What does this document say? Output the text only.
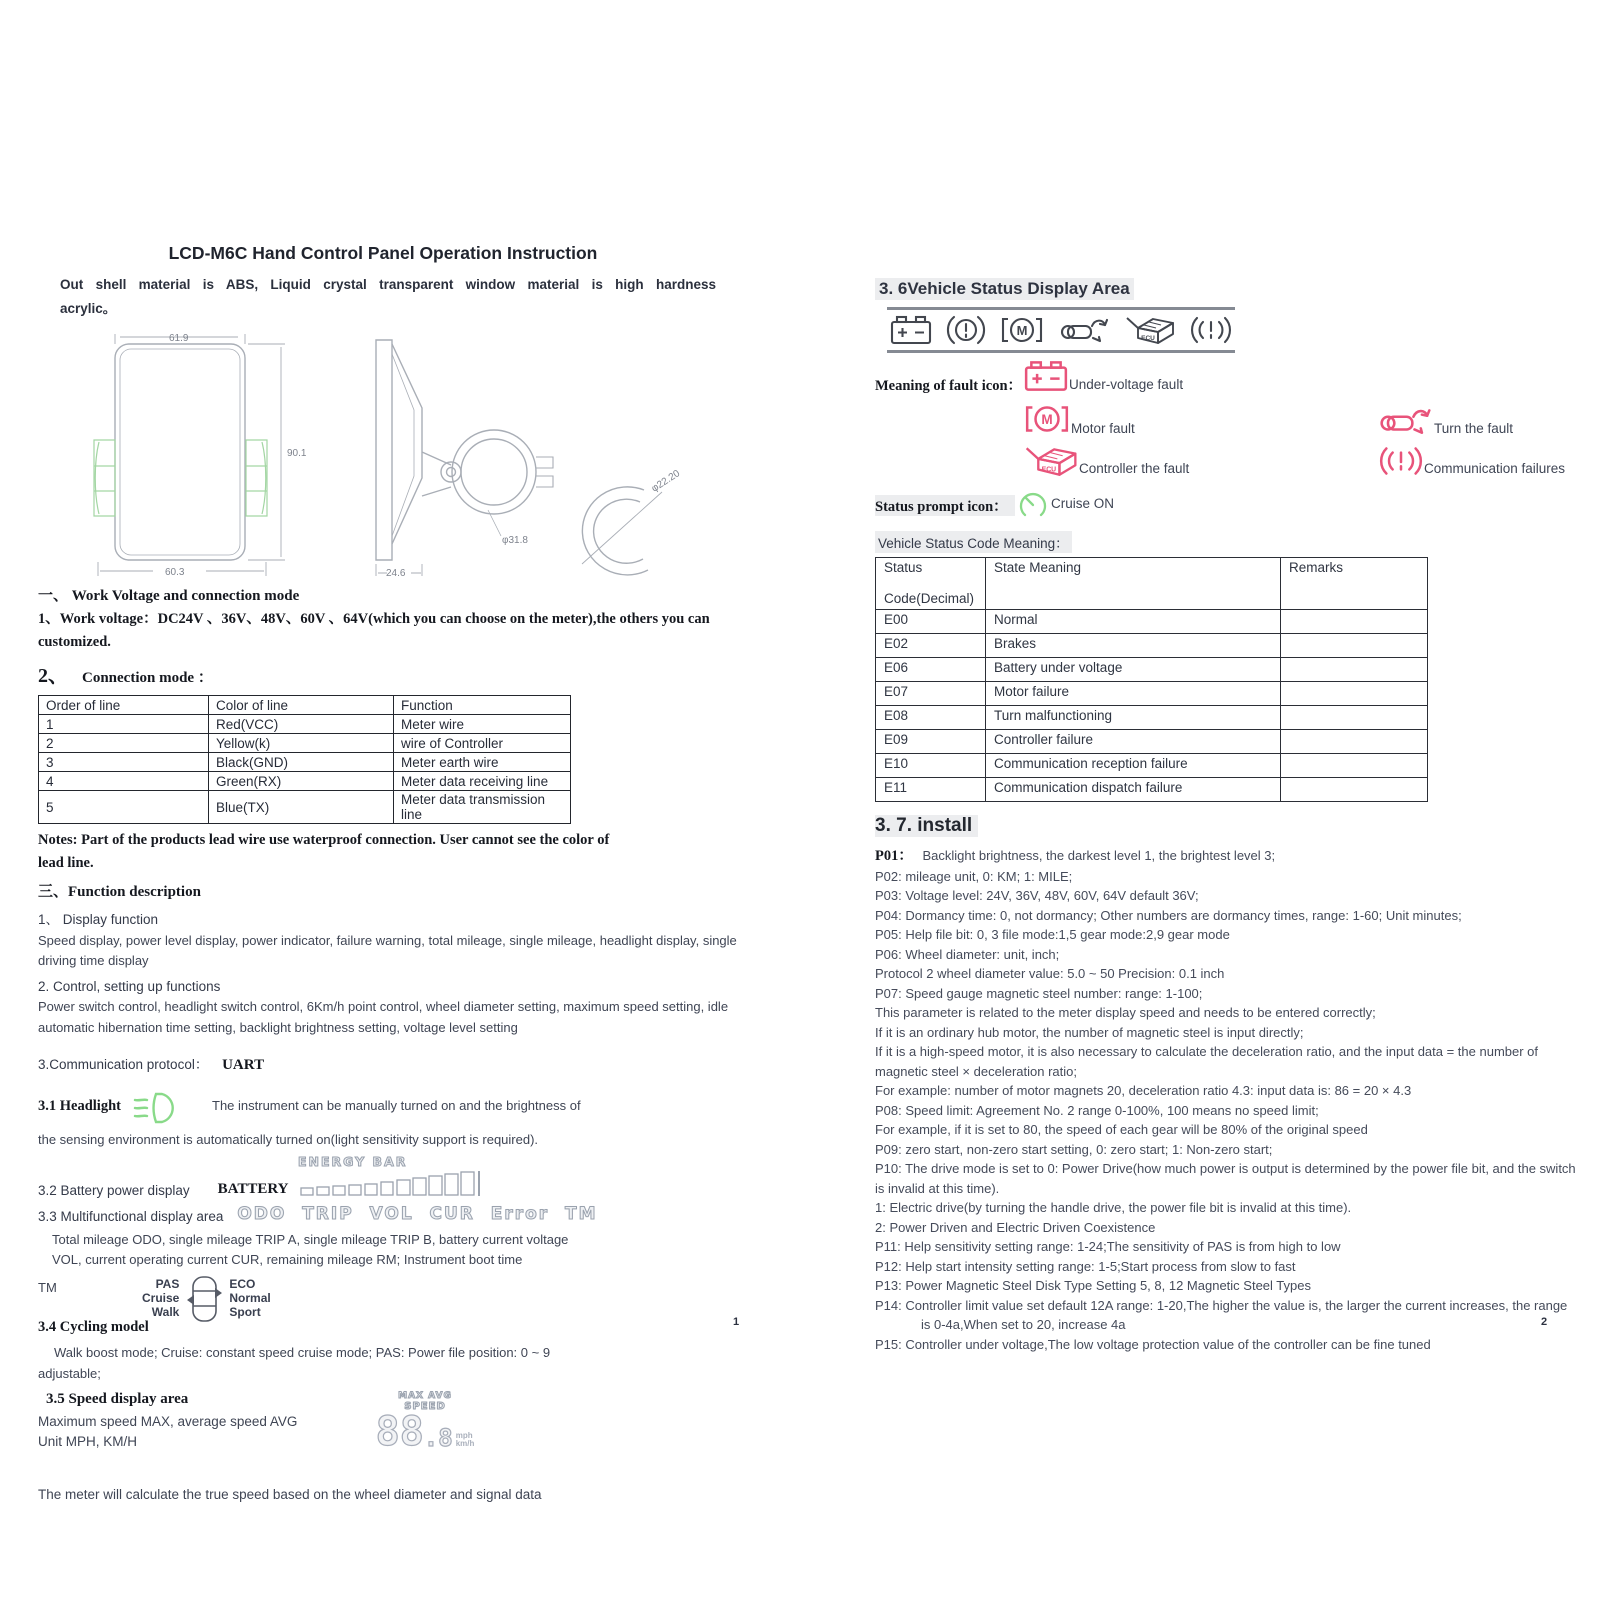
LCD-M6C Hand Control Panel Operation Instruction

Out shell material is ABS, Liquid crystal transparent window material is high hardness acrylic。

61.9
90.1
60.3	24.6
φ31.8
φ22.20
一、 Work Voltage and connection mode

1、Work voltage：DC24V 、36V、48V、60V 、64V(which you can choose on the meter),the others you can customized.

2、 Connection mode ：
Order of line	Color of line	Function
1	Red(VCC)	Meter wire
2	Yellow(k)	wire of Controller
3	Black(GND)	Meter earth wire
4	Green(RX)	Meter data receiving line
5	Blue(TX)	Meter data transmission line

Notes: Part of the products lead wire use waterproof connection. User cannot see the color of lead line.

三、Function description

1、 Display function

Speed display, power level display, power indicator, failure warning, total mileage, single mileage, headlight display, single driving time display

2. Control, setting up functions

Power switch control, headlight switch control, 6Km/h point control, wheel diameter setting, maximum speed setting, idle automatic hibernation time setting, backlight brightness setting, voltage level setting

3.Communication protocol： UART

3.1 Headlight	The instrument can be manually turned on and the brightness of the sensing environment is automatically turned on(light sensitivity support is required).

ENERGY BAR
3.2 Battery power display BATTERY
3.3 Multifunctional display area ODO  TRIP  VOL  CUR  Error  TM

Total mileage ODO, single mileage TRIP A, single mileage TRIP B, battery current voltage VOL, current operating current CUR, remaining mileage RM; Instrument boot time

TM
3.4 Cycling model
PAS
Cruise
Walk
ECO
Normal
Sport

Walk boost mode; Cruise: constant speed cruise mode; PAS: Power file position: 0 ~ 9 adjustable;

3.5 Speed display area
Maximum speed MAX, average speed AVG
Unit MPH, KM/H
MAX AVG
SPEED
88 . 8 mph
km/h

The meter will calculate the true speed based on the wheel diameter and signal data

1
3. 6Vehicle Status Display Area
M
ECU
Meaning of fault icon：	Under-voltage fault
M
Motor fault	Turn the fault
ECU Controller the fault	Communication failures
Status prompt icon：	Cruise ON
Vehicle Status Code Meaning：
Status
Code(Decimal)	State Meaning	Remarks
E00	Normal	
E02	Brakes	
E06	Battery under voltage	
E07	Motor failure	
E08	Turn malfunctioning	
E09	Controller failure	
E10	Communication reception failure	
E11	Communication dispatch failure	
3. 7. install
P01： Backlight brightness, the darkest level 1, the brightest level 3;
P02: mileage unit, 0: KM; 1: MILE;
P03: Voltage level: 24V, 36V, 48V, 60V, 64V default 36V;
P04: Dormancy time: 0, not dormancy; Other numbers are dormancy times, range: 1-60; Unit minutes;
P05: Help file bit: 0, 3 file mode:1,5 gear mode:2,9 gear mode
P06: Wheel diameter: unit, inch;
Protocol 2 wheel diameter value: 5.0 ~ 50 Precision: 0.1 inch
P07: Speed gauge magnetic steel number: range: 1-100;
This parameter is related to the meter display speed and needs to be entered correctly;
If it is an ordinary hub motor, the number of magnetic steel is input directly;
If it is a high-speed motor, it is also necessary to calculate the deceleration ratio, and the input data = the number of magnetic steel × deceleration ratio;
For example: number of motor magnets 20, deceleration ratio 4.3: input data is: 86 = 20 × 4.3
P08: Speed limit: Agreement No. 2 range 0-100%, 100 means no speed limit;
For example, if it is set to 80, the speed of each gear will be 80% of the original speed
P09: zero start, non-zero start setting, 0: zero start; 1: Non-zero start;
P10: The drive mode is set to 0: Power Drive(how much power is output is determined by the power file bit, and the switch is invalid at this time).
1: Electric drive(by turning the handle drive, the power file bit is invalid at this time).
2: Power Driven and Electric Driven Coexistence
P11: Help sensitivity setting range: 1-24;The sensitivity of PAS is from high to low
P12: Help start intensity setting range: 1-5;Start process from slow to fast
P13: Power Magnetic Steel Disk Type Setting 5, 8, 12 Magnetic Steel Types
P14: Controller limit value set default 12A range: 1-20,The higher the value is, the larger the current increases, the range is 0-4a,When set to 20, increase 4a
P15: Controller under voltage,The low voltage protection value of the controller can be fine tuned
2
